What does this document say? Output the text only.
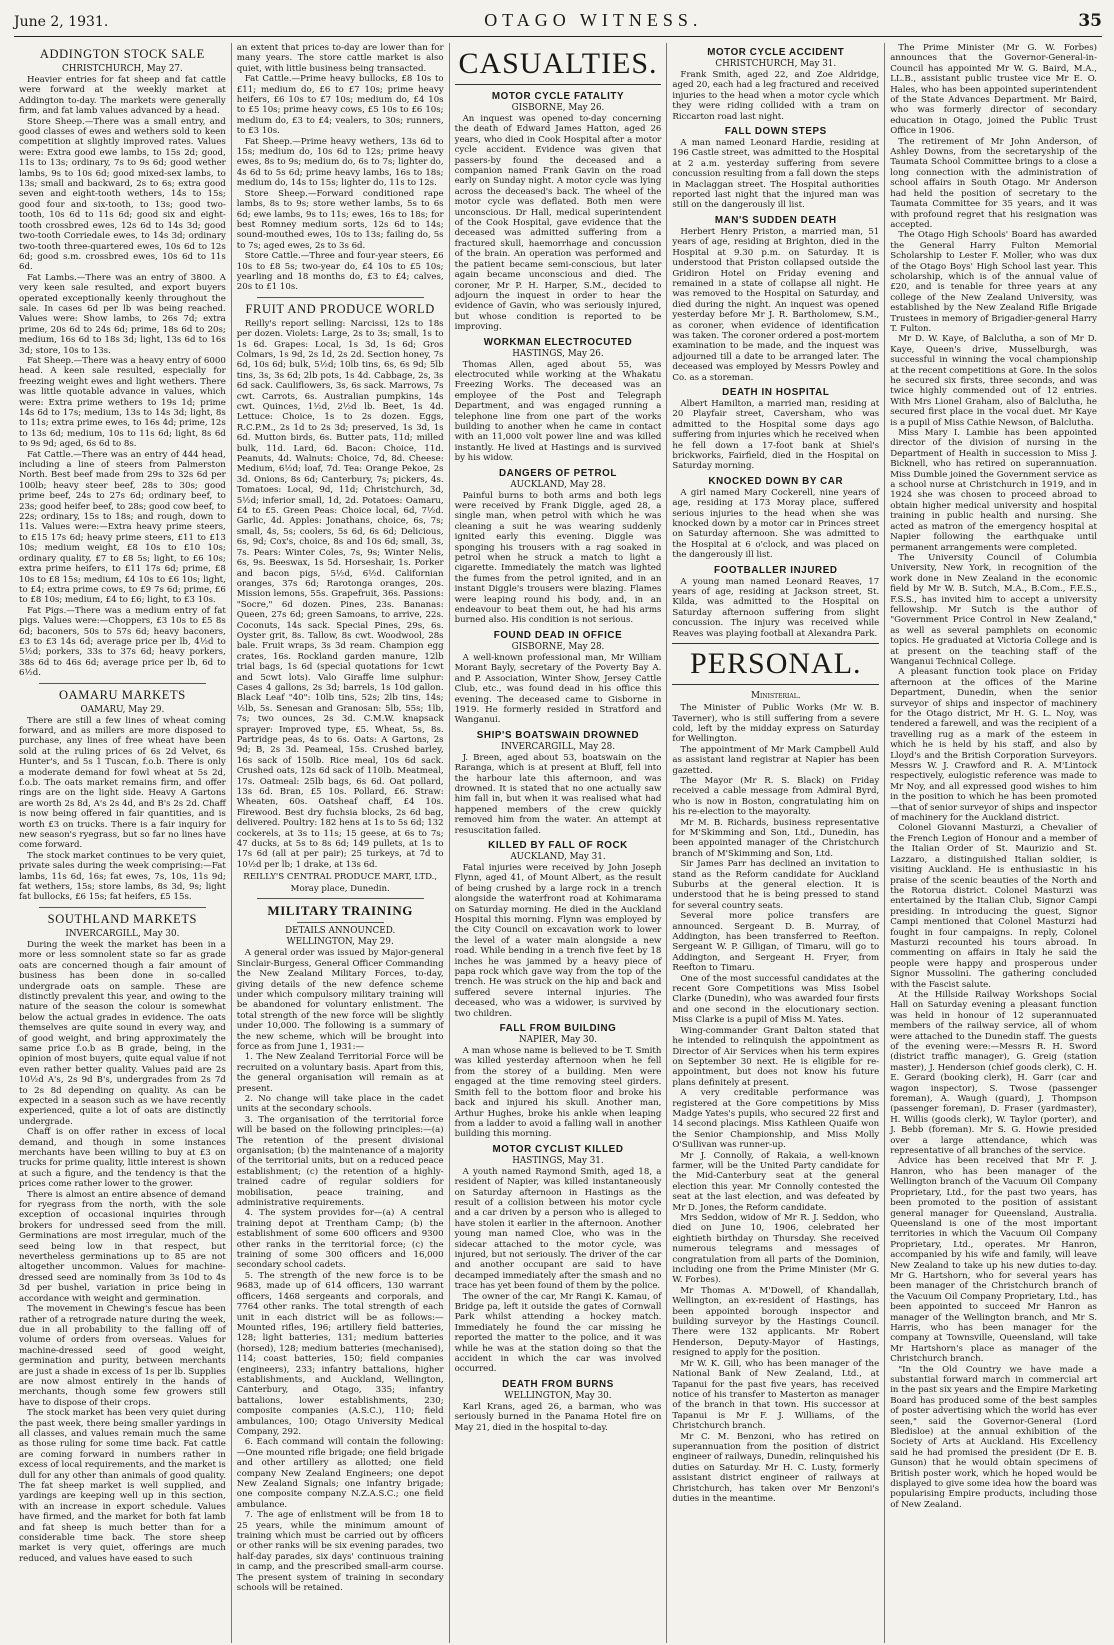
June 2, 1931.	OTAGO WITNESS.	35
ADDINGTON STOCK SALE
CHRISTCHURCH, May 27.

Heavier entries for fat sheep and fat cattle were forward at the weekly market at Addington to-day. The markets were generally firm, and fat lamb values advanced by a head.

Store Sheep.—There was a small entry, and good classes of ewes and wethers sold to keen competition at slightly improved rates. Values were: Extra good ewe lambs, to 15s 2d; good, 11s to 13s; ordinary, 7s to 9s 6d; good wether lambs, 9s to 10s 6d; good mixed-sex lambs, to 13s; small and backward, 2s to 6s; extra good seven and eight-tooth wethers, 14s to 15s; good four and six-tooth, to 13s; good two-tooth, 10s 6d to 11s 6d; good six and eight-tooth crossbred ewes, 12s 6d to 14s 3d; good two-tooth Corriedale ewes, to 14s 3d; ordinary two-tooth three-quartered ewes, 10s 6d to 12s 6d; good s.m. crossbred ewes, 10s 6d to 11s 6d.

Fat Lambs.—There was an entry of 3800. A very keen sale resulted, and export buyers operated exceptionally keenly throughout the sale. In cases 6d per lb was being reached. Values were: Show lambs, to 26s 7d; extra prime, 20s 6d to 24s 6d; prime, 18s 6d to 20s; medium, 16s 6d to 18s 3d; light, 13s 6d to 16s 3d; store, 10s to 13s.

Fat Sheep.—There was a heavy entry of 6000 head. A keen sale resulted, especially for freezing weight ewes and light wethers. There was little quotable advance in values, which were: Extra prime wethers to 19s 1d; prime 14s 6d to 17s; medium, 13s to 14s 3d; light, 8s to 11s; extra prime ewes, to 16s 4d; prime, 12s to 13s 6d; medium, 10s to 11s 6d; light, 8s 6d to 9s 9d; aged, 6s 6d to 8s.

Fat Cattle.—There was an entry of 444 head, including a line of steers from Palmerston North. Best beef made from 29s to 32s 6d per 100lb; heavy steer beef, 28s to 30s; good prime beef, 24s to 27s 6d; ordinary beef, to 23s; good heifer beef, to 28s; good cow beef, to 22s; ordinary, 15s to 18s; and rough, down to 11s. Values were:—Extra heavy prime steers, to £15 17s 6d; heavy prime steers, £11 to £13 10s; medium weight, £8 10s to £10 10s; ordinary quality, £7 to £8 5s; light, to £6 10s; extra prime heifers, to £11 17s 6d; prime, £8 10s to £8 15s; medium, £4 10s to £6 10s; light, to £4; extra prime cows, to £9 7s 6d; prime, £6 to £8 10s; medium, £4 to £6; light, to £3 10s.

Fat Pigs.—There was a medium entry of fat pigs. Values were:—Choppers, £3 10s to £5 8s 6d; baconers, 50s to 57s 6d; heavy baconers, £3 to £3 14s 6d; average price per lb, 4½d to 5½d; porkers, 33s to 37s 6d; heavy porkers, 38s 6d to 46s 6d; average price per lb, 6d to 6½d.

OAMARU MARKETS
OAMARU, May 29.

There are still a few lines of wheat coming forward, and as millers are more disposed to purchase, any lines of free wheat have been sold at the ruling prices of 6s 2d Velvet, 6s Hunter's, and 5s 1 Tuscan, f.o.b. There is only a moderate demand for fowl wheat at 5s 2d, f.o.b. The oats market remains firm, and offer rings are on the light side. Heavy A Gartons are worth 2s 8d, A's 2s 4d, and B's 2s 2d. Chaff is now being offered in fair quantities, and is worth £3 on trucks. There is a fair inquiry for new season's ryegrass, but so far no lines have come forward.

The stock market continues to be very quiet, private sales during the week comprising:—Fat lambs, 11s 6d, 16s; fat ewes, 7s, 10s, 11s 9d; fat wethers, 15s; store lambs, 8s 3d, 9s; light fat bullocks, £6 15s; fat heifers, £5 15s.

SOUTHLAND MARKETS
INVERCARGILL, May 30.

During the week the market has been in a more or less somnolent state so far as grade oats are concerned though a fair amount of business has been done in so-called undergrade oats on sample. These are distinctly prevalent this year, and owing to the nature of the season the colour is somewhat below the actual grades in evidence. The oats themselves are quite sound in every way, and of good weight, and bring approximately the same price f.o.b as B grade, being, in the opinion of most buyers, quite equal value if not even rather better quality. Values paid are 2s 10½d A's, 2s 9d B's, undergrades from 2s 7d to 2s 8d depending on quality. As can be expected in a season such as we have recently experienced, quite a lot of oats are distinctly undergrade.

Chaff is on offer rather in excess of local demand, and though in some instances merchants have been willing to buy at £3 on trucks for prime quality, little interest is shown at such a figure, and the tendency is that the prices come rather lower to the grower.

There is almost an entire absence of demand for ryegrass from the north, with the sole exception of occasional inquiries through brokers for undressed seed from the mill. Germinations are most irregular, much of the seed being low in that respect, but nevertheless germinations up to 85 are not altogether uncommon. Values for machine-dressed seed are nominally from 3s 10d to 4s 3d per bushel, variation in price being in accordance with weight and germination.

The movement in Chewing's fescue has been rather of a retrograde nature during the week, due in all probability to the falling off of volume of orders from overseas. Values for machine-dressed seed of good weight, germination and purity, between merchants are just a shade in excess of 1s per lb. Supplies are now almost entirely in the hands of merchants, though some few growers still have to dispose of their crops.

The stock market has been very quiet during the past week, there being smaller yardings in all classes, and values remain much the same as those ruling for some time back. Fat cattle are coming forward in numbers rather in excess of local requirements, and the market is dull for any other than animals of good quality. The fat sheep market is well supplied, and yardings are keeping well up in this section, with an increase in export schedule. Values have firmed, and the market for both fat lamb and fat sheep is much better than for a considerable time back. The store sheep market is very quiet, offerings are much reduced, and values have eased to such

an extent that prices to-day are lower than for many years. The store cattle market is also quiet, with little business being transacted.

Fat Cattle.—Prime heavy bullocks, £8 10s to £11; medium do, £6 to £7 10s; prime heavy heifers, £6 10s to £7 10s; medium do, £4 10s to £5 10s; prime heavy cows, £5 10s to £6 10s; medium do, £3 to £4; vealers, to 30s; runners, to £3 10s.

Fat Sheep.—Prime heavy wethers, 13s 6d to 15s; medium do, 10s 6d to 12s; prime heavy ewes, 8s to 9s; medium do, 6s to 7s; lighter do, 4s 6d to 5s 6d; prime heavy lambs, 16s to 18s; medium do, 14s to 15s; lighter do, 11s to 12s.

Store Sheep.—Forward conditioned rape lambs, 8s to 9s; store wether lambs, 5s to 6s 6d; ewe lambs, 9s to 11s; ewes, 16s to 18s; for best Romney medium sorts, 12s 6d to 14s; sound-mouthed ewes, 10s to 13s; failing do, 5s to 7s; aged ewes, 2s to 3s 6d.

Store Cattle.—Three and four-year steers, £6 10s to £8 5s; two-year do, £4 10s to £5 10s; yearling and 18 months do, £3 to £4; calves, 20s to £1 10s.

FRUIT AND PRODUCE WORLD

Reilly's report selling: Narcissi, 12s to 18s per dozen. Violets: Large, 2s to 3s; small, 1s to 1s 6d. Grapes: Local, 1s 3d, 1s 6d; Gros Colmars, 1s 9d, 2s 1d, 2s 2d. Section honey, 7s 6d, 10s 6d; bulk, 5½d; 10lb tins, 6s, 6s 9d; 5lb tins, 3s, 3s 6d; 2lb pots, 1s 4d. Cabbage, 2s, 3s 6d sack. Cauliflowers, 3s, 6s sack. Marrows, 7s cwt. Carrots, 6s. Australian pumpkins, 14s cwt. Quinces, 1½d, 2½d lb. Beet, 1s 4d. Lettuce: Choice, 1s to 2s dozen. Eggs, R.C.P.M., 2s 1d to 2s 3d; preserved, 1s 3d, 1s 6d. Mutton birds, 6s. Butter pats, 11d; milled bulk, 11d. Lard, 6d. Bacon: Choice, 11d. Peanuts, 4d. Walnuts: Choice, 7d, 8d. Cheese: Medium, 6½d; loaf, 7d. Tea: Orange Pekoe, 2s 3d. Onions, 8s 6d; Canterbury, 7s; pickers, 4s. Tomatoes: Local, 9d, 11d; Christchurch, 3d, 5½d; inferior small, 1d, 2d. Potatoes: Oamaru, £4 to £5. Green Peas: Choice local, 6d, 7½d. Garlic, 4d. Apples: Jonathans, choice, 6s, 7s; small, 4s, 5s; coolers, 5s 6d, 6s 6d; Delicious, 6s, 9d; Cox's, choice, 8s and 10s 6d; small, 3s, 7s. Pears: Winter Coles, 7s, 9s; Winter Nelis, 6s, 9s. Beeswax, 1s 5d. Horseshair, 1s. Porker and bacon pigs, 5½d, 6½d. Californian oranges, 37s 6d; Rarotonga oranges, 20s. Mission lemons, 55s. Grapefruit, 36s. Passions: "Socre," 6d dozen. Pines, 23s. Bananas: Queen, 27s 6d; green Samoans, to arrive, 22s. Coconuts, 14s sack. Special Pines, 29s, 6s. Oyster grit, 8s. Tallow, 8s cwt. Woodwool, 28s bale. Fruit wraps, 3s 3d ream. Champion egg crates, 16s. Rockland garden manure, 12lb trial bags, 1s 6d (special quotations for 1cwt and 5cwt lots). Valo Giraffe lime sulphur: Cases 4 gallons, 2s 3d; barrels, 1s 10d gallon. Black Leaf "40": 10lb tins, 52s; 2lb tins, 14s; ½lb, 5s. Senesan and Granosan: 5lb, 55s; 1lb, 7s; two ounces, 2s 3d. C.M.W. knapsack sprayer: Improved type, £5. Wheat, 5s, 8s. Partridge peas, 4s to 6s. Oats: A Gartons, 2s 9d; B, 2s 3d. Peameal, 15s. Crushed barley, 16s sack of 150lb. Rice meal, 10s 6d sack. Crushed oats, 12s 6d sack of 110lb. Meatmeal, 17s. Oatmeal: 25lb bags, 6s 6d. Oat pollard, 13s 6d. Bran, £5 10s. Pollard, £6. Straw: Wheaten, 60s. Oatsheaf chaff, £4 10s. Firewood. Best dry fuchsia blocks, 2s 6d bag, delivered. Poultry: 182 hens at 1s to 5s 6d; 132 cockerels, at 3s to 11s; 15 geese, at 6s to 7s; 47 ducks, at 5s to 8s 6d; 149 pullets, at 1s to 17s 6d (all at per pair); 25 turkeys, at 7d to 10½d per lb; 1 drake, at 13s 6d.

REILLY'S CENTRAL PRODUCE MART, LTD.,
Moray place, Dunedin.
MILITARY TRAINING
DETAILS ANNOUNCED.
WELLINGTON, May 29.

A general order was issued by Major-general Sinclair-Burgess, General Officer Commanding the New Zealand Military Forces, to-day, giving details of the new defence scheme under which compulsory military training will be abandoned for voluntary enlistment. The total strength of the new force will be slightly under 10,000. The following is a summary of the new scheme, which will be brought into force as from June 1, 1931:—

1. The New Zealand Territorial Force will be recruited on a voluntary basis. Apart from this, the general organisation will remain as at present.

2. No change will take place in the cadet units at the secondary schools.

3. The organisation of the territorial force will be based on the following principles:—(a) The retention of the present divisional organisation; (b) the maintenance of a majority of the territorial units, but on a reduced peace establishment; (c) the retention of a highly-trained cadre of regular soldiers for mobilisation, peace training, and administrative requirements.

4. The system provides for—(a) A central training depot at Trentham Camp; (b) the establishment of some 600 officers and 9300 other ranks in the territorial force; (c) the training of some 300 officers and 16,000 secondary school cadets.

5. The strength of the new force is to be 9683, made up of 614 officers, 130 warrant officers, 1468 sergeants and corporals, and 7764 other ranks. The total strength of each unit in each district will be as follows:—Mounted rifles, 196; artillery field batteries, 128; light batteries, 131; medium batteries (horsed), 128; medium batteries (mechanised), 114; coast batteries, 150; field companies (engineers), 233; infantry battalions, higher establishments, and Auckland, Wellington, Canterbury, and Otago, 335; infantry battalions, lower establishments, 230; composite companies (A.S.C.), 110; field ambulances, 100; Otago University Medical Company, 292.

6. Each command will contain the following:—One mounted rifle brigade; one field brigade and other artillery as allotted; one field company New Zealand Engineers; one depot New Zealand Signals; one infantry brigade; one composite company N.Z.A.S.C.; one field ambulance.

7. The age of enlistment will be from 18 to 25 years, while the minimum amount of training which must be carried out by officers or other ranks will be six evening parades, two half-day parades, six days' continuous training in camp, and the prescribed small-arm course. The present system of training in secondary schools will be retained.

CASUALTIES.
MOTOR CYCLE FATALITY
GISBORNE, May 26.

An inquest was opened to-day concerning the death of Edward James Hatton, aged 26 years, who died in Cook Hospital after a motor cycle accident. Evidence was given that passers-by found the deceased and a companion named Frank Gavin on the road early on Sunday night. A motor cycle was lying across the deceased's back. The wheel of the motor cycle was deflated. Both men were unconscious. Dr Hall, medical superintendent of the Cook Hospital, gave evidence that the deceased was admitted suffering from a fractured skull, haemorrhage and concussion of the brain. An operation was performed and the patient became semi-conscious, but later again became unconscious and died. The coroner, Mr P. H. Harper, S.M., decided to adjourn the inquest in order to hear the evidence of Gavin, who was seriously injured, but whose condition is reported to be improving.

WORKMAN ELECTROCUTED
HASTINGS, May 26.

Thomas Allen, aged about 55, was electrocuted while working at the Whakatu Freezing Works. The deceased was an employee of the Post and Telegraph Department, and was engaged running a telephone line from one part of the works building to another when he came in contact with an 11,000 volt power line and was killed instantly. He lived at Hastings and is survived by his widow.

DANGERS OF PETROL
AUCKLAND, May 28.

Painful burns to both arms and both legs were received by Frank Diggle, aged 28, a single man, when petrol with which he was cleaning a suit he was wearing suddenly ignited early this evening. Diggle was sponging his trousers with a rag soaked in petrol when he struck a match to light a cigarette. Immediately the match was lighted the fumes from the petrol ignited, and in an instant Diggle's trousers were blazing. Flames were leaping round his body, and, in an endeavour to beat them out, he had his arms burned also. His condition is not serious.

FOUND DEAD IN OFFICE
GISBORNE, May 28.

A well-known professional man, Mr William Morant Bayly, secretary of the Poverty Bay A. and P. Association, Winter Show, Jersey Cattle Club, etc., was found dead in his office this evening. The deceased came to Gisborne in 1919. He formerly resided in Stratford and Wanganui.

SHIP'S BOATSWAIN DROWNED
INVERCARGILL, May 28.

J. Breen, aged about 53, boatswain on the Raranga, which is at present at Bluff, fell into the harbour late this afternoon, and was drowned. It is stated that no one actually saw him fall in, but when it was realised what had happened members of the crew quickly removed him from the water. An attempt at resuscitation failed.

KILLED BY FALL OF ROCK
AUCKLAND, May 31.

Fatal injuries were received by John Joseph Flynn, aged 41, of Mount Albert, as the result of being crushed by a large rock in a trench alongside the waterfront road at Kohimarama on Saturday morning. He died in the Auckland Hospital this morning. Flynn was employed by the City Council on excavation work to lower the level of a water main alongside a new road. While bending in a trench five feet by 18 inches he was jammed by a heavy piece of papa rock which gave way from the top of the trench. He was struck on the hip and back and suffered severe internal injuries. The deceased, who was a widower, is survived by two children.

FALL FROM BUILDING
NAPIER, May 30.

A man whose name is believed to be T. Smith was killed yesterday afternoon when he fell from the storey of a building. Men were engaged at the time removing steel girders. Smith fell to the bottom floor and broke his back and injured his skull. Another man, Arthur Hughes, broke his ankle when leaping from a ladder to avoid a falling wall in another building this morning.

MOTOR CYCLIST KILLED
HASTINGS, May 31.

A youth named Raymond Smith, aged 18, a resident of Napier, was killed instantaneously on Saturday afternoon in Hastings as the result of a collision between his motor cycle and a car driven by a person who is alleged to have stolen it earlier in the afternoon. Another young man named Cloe, who was in the sidecar attached to the motor cycle, was injured, but not seriously. The driver of the car and another occupant are said to have decamped immediately after the smash and no trace has yet been found of them by the police.

The owner of the car, Mr Rangi K. Kamau, of Bridge pa, left it outside the gates of Cornwall Park whilst attending a hockey match. Immediately he found the car missing he reported the matter to the police, and it was while he was at the station doing so that the accident in which the car was involved occurred.

DEATH FROM BURNS
WELLINGTON, May 30.

Karl Krans, aged 26, a barman, who was seriously burned in the Panama Hotel fire on May 21, died in the hospital to-day.

MOTOR CYCLE ACCIDENT
CHRISTCHURCH, May 31.

Frank Smith, aged 22, and Zoe Aldridge, aged 20, each had a leg fractured and received injuries to the head when a motor cycle which they were riding collided with a tram on Riccarton road last night.

FALL DOWN STEPS

A man named Leonard Hardie, residing at 196 Castle street, was admitted to the Hospital at 2 a.m. yesterday suffering from severe concussion resulting from a fall down the steps in Maclaggan street. The Hospital authorities reported last night that the injured man was still on the dangerously ill list.

MAN'S SUDDEN DEATH

Herbert Henry Priston, a married man, 51 years of age, residing at Brighton, died in the Hospital at 9.30 p.m. on Saturday. It is understood that Priston collapsed outside the Gridiron Hotel on Friday evening and remained in a state of collapse all night. He was removed to the Hospital on Saturday, and died during the night. An inquest was opened yesterday before Mr J. R. Bartholomew, S.M., as coroner, when evidence of identification was taken. The coroner ordered a post-mortem examination to be made, and the inquest was adjourned till a date to be arranged later. The deceased was employed by Messrs Powley and Co. as a storeman.

DEATH IN HOSPITAL

Albert Hamilton, a married man, residing at 20 Playfair street, Caversham, who was admitted to the Hospital some days ago suffering from injuries which he received when he fell down a 17-foot bank at Shiel's brickworks, Fairfield, died in the Hospital on Saturday morning.

KNOCKED DOWN BY CAR

A girl named Mary Cockerell, nine years of age, residing at 173 Moray place, suffered serious injuries to the head when she was knocked down by a motor car in Princes street on Saturday afternoon. She was admitted to the Hospital at 6 o'clock, and was placed on the dangerously ill list.

FOOTBALLER INJURED

A young man named Leonard Reaves, 17 years of age, residing at Jackson street, St. Kilda, was admitted to the Hospital on Saturday afternoon suffering from slight concussion. The injury was received while Reaves was playing football at Alexandra Park.

PERSONAL.
Ministerial.

The Minister of Public Works (Mr W. B. Taverner), who is still suffering from a severe cold, left by the midday express on Saturday for Wellington.

The appointment of Mr Mark Campbell Auld as assistant land registrar at Napier has been gazetted.

The Mayor (Mr R. S. Black) on Friday received a cable message from Admiral Byrd, who is now in Boston, congratulating him on his re-election to the mayoralty.

Mr M. B. Richards, business representative for M'Skimming and Son, Ltd., Dunedin, has been appointed manager of the Christchurch branch of M'Skimming and Son, Ltd.

Sir James Parr has declined an invitation to stand as the Reform candidate for Auckland Suburbs at the general election. It is understood that he is being pressed to stand for several country seats.

Several more police transfers are announced. Sergeant D. B. Murray, of Addington, has been transferred to Reefton. Sergeant W. P. Gilligan, of Timaru, will go to Addington, and Sergeant H. Fryer, from Reefton to Timaru.

One of the most successful candidates at the recent Gore Competitions was Miss Isobel Clarke (Dunedin), who was awarded four firsts and one second in the elocutionary section. Miss Clarke is a pupil of Miss M. Yates.

Wing-commander Grant Dalton stated that he intended to relinquish the appointment as Director of Air Services when his term expires on September 30 next. He is eligible for re-appointment, but does not know his future plans definitely at present.

A very creditable performance was registered at the Gore competitions by Miss Madge Yates's pupils, who secured 22 first and 14 second placings. Miss Kathleen Quaife won the Senior Championship, and Miss Molly O'Sullivan was runner-up.

Mr J. Connolly, of Rakaia, a well-known farmer, will be the United Party candidate for the Mid-Canterbury seat at the general election this year. Mr Connolly contested the seat at the last election, and was defeated by Mr D. Jones, the Reform candidate.

Mrs Seddon, widow of Mr R. J. Seddon, who died on June 10, 1906, celebrated her eightieth birthday on Thursday. She received numerous telegrams and messages of congratulation from all parts of the Dominion, including one from the Prime Minister (Mr G. W. Forbes).

Mr Thomas A. M'Dowell, of Khandallah, Wellington, an ex-resident of Hastings, has been appointed borough inspector and building surveyor by the Hastings Council. There were 132 applicants. Mr Robert Henderson, Deputy-Mayor of Hastings, resigned to apply for the position.

Mr W. K. Gill, who has been manager of the National Bank of New Zealand, Ltd., at Tapanui for the past five years, has received notice of his transfer to Masterton as manager of the branch in that town. His successor at Tapanui is Mr F. J. Williams, of the Christchurch branch.

Mr C. M. Benzoni, who has retired on superannuation from the position of district engineer of railways, Dunedin, relinquished his duties on Saturday. Mr H. C. Lusty, formerly assistant district engineer of railways at Christchurch, has taken over Mr Benzoni's duties in the meantime.

The Prime Minister (Mr G. W. Forbes) announces that the Governor-General-in-Council has appointed Mr W. G. Baird, M.A., LL.B., assistant public trustee vice Mr E. O. Hales, who has been appointed superintendent of the State Advances Department. Mr Baird, who was formerly director of secondary education in Otago, joined the Public Trust Office in 1906.

The retirement of Mr John Anderson, of Ashley Downs, from the secretaryship of the Taumata School Committee brings to a close a long connection with the administration of school affairs in South Otago. Mr Anderson had held the position of secretary to the Taumata Committee for 35 years, and it was with profound regret that his resignation was accepted.

The Otago High Schools' Board has awarded the General Harry Fulton Memorial Scholarship to Lester F. Moller, who was dux of the Otago Boys' High School last year. This scholarship, which is of the annual value of £20, and is tenable for three years at any college of the New Zealand University, was established by the New Zealand Rifle Brigade Trustees in memory of Brigadier-general Harry T. Fulton.

Mr D. W. Kaye, of Balclutha, a son of Mr D. Kaye, Queen's drive, Musselburgh, was successful in winning the vocal championship at the recent competitions at Gore. In the solos he secured six firsts, three seconds, and was twice highly commended out of 12 entries. With Mrs Lionel Graham, also of Balclutha, he secured first place in the vocal duet. Mr Kaye is a pupil of Miss Cathie Newson, of Balclutha.

Miss Mary I. Lambie has been appointed director of the division of nursing in the Department of Health in succession to Miss J. Bicknell, who has retired on superannuation. Miss Dumble joined the Government service as a school nurse at Christchurch in 1919, and in 1924 she was chosen to proceed abroad to obtain higher medical university and hospital training in public health and nursing. She acted as matron of the emergency hospital at Napier following the earthquake until permanent arrangements were completed.

The University Council of Columbia University, New York, in recognition of the work done in New Zealand in the economic field by Mr W. B. Sutch, M.A., B.Com., F.E.S., F.S.S., has invited him to accept a university fellowship. Mr Sutch is the author of "Government Price Control in New Zealand," as well as several pamphlets on economic topics. He graduated at Victoria College and is at present on the teaching staff of the Wanganui Technical College.

A pleasant function took place on Friday afternoon at the offices of the Marine Department, Dunedin, when the senior surveyor of ships and inspector of machinery for the Otago district, Mr H. G. L. Noy, was tendered a farewell, and was the recipient of a travelling rug as a mark of the esteem in which he is held by his staff, and also by Lloyd's and the British Corporation Surveyors. Messrs W. J. Crawford and R. A. M'Lintock respectively, eulogistic reference was made to Mr Noy, and all expressed good wishes to him in the position to which he has been promoted—that of senior surveyor of ships and inspector of machinery for the Auckland district.

Colonel Giovanni Masturzi, a Chevalier of the French Legion of Honour and a member of the Italian Order of St. Maurizio and St. Lazzaro, a distinguished Italian soldier, is visiting Auckland. He is enthusiastic in his praise of the scenic beauties of the North and the Rotorua district. Colonel Masturzi was entertained by the Italian Club, Signor Campi presiding. In introducing the guest, Signor Campi mentioned that Colonel Masturzi had fought in four campaigns. In reply, Colonel Masturzi recounted his tours abroad. In commenting on affairs in Italy he said the people were happy and prosperous under Signor Mussolini. The gathering concluded with the Fascist salute.

At the Hillside Railway Workshops Social Hall on Saturday evening a pleasant function was held in honour of 12 superannuated members of the railway service, all of whom were attached to the Dunedin staff. The guests of the evening were:—Messrs R. H. Sword (district traffic manager), G. Greig (station master), J. Henderson (chief goods clerk), C. H. E. Gerard (booking clerk), H. Garr (car and wagon inspector), S. Twose (passenger foreman), A. Waugh (guard), J. Thompson (passenger foreman), D. Fraser (yardmaster), H. Willis (goods clerk), W. Taylor (porter), and J. Bebb (foreman). Mr S. G. Howie presided over a large attendance, which was representative of all branches of the service.

Advice has been received that Mr F. J. Hanron, who has been manager of the Wellington branch of the Vacuum Oil Company Proprietary, Ltd., for the past two years, has been promoted to the position of assistant general manager for Queensland, Australia. Queensland is one of the most important territories in which the Vacuum Oil Company Proprietary, Ltd., operates. Mr Hanron, accompanied by his wife and family, will leave New Zealand to take up his new duties to-day. Mr G. Hartshorn, who for several years has been manager of the Christchurch branch of the Vacuum Oil Company Proprietary, Ltd., has been appointed to succeed Mr Hanron as manager of the Wellington branch, and Mr S. Harris, who has been manager for the company at Townsville, Queensland, will take Mr Hartshorn's place as manager of the Christchurch branch.

"In the Old Country we have made a substantial forward march in commercial art in the past six years and the Empire Marketing Board has produced some of the best samples of poster advertising which the world has ever seen," said the Governor-General (Lord Bledisloe) at the annual exhibition of the Society of Arts at Auckland. His Excellency said he had promised the president (Dr E. B. Gunson) that he would obtain specimens of British poster work, which he hoped would be displayed to give some idea how the board was popularising Empire products, including those of New Zealand.
